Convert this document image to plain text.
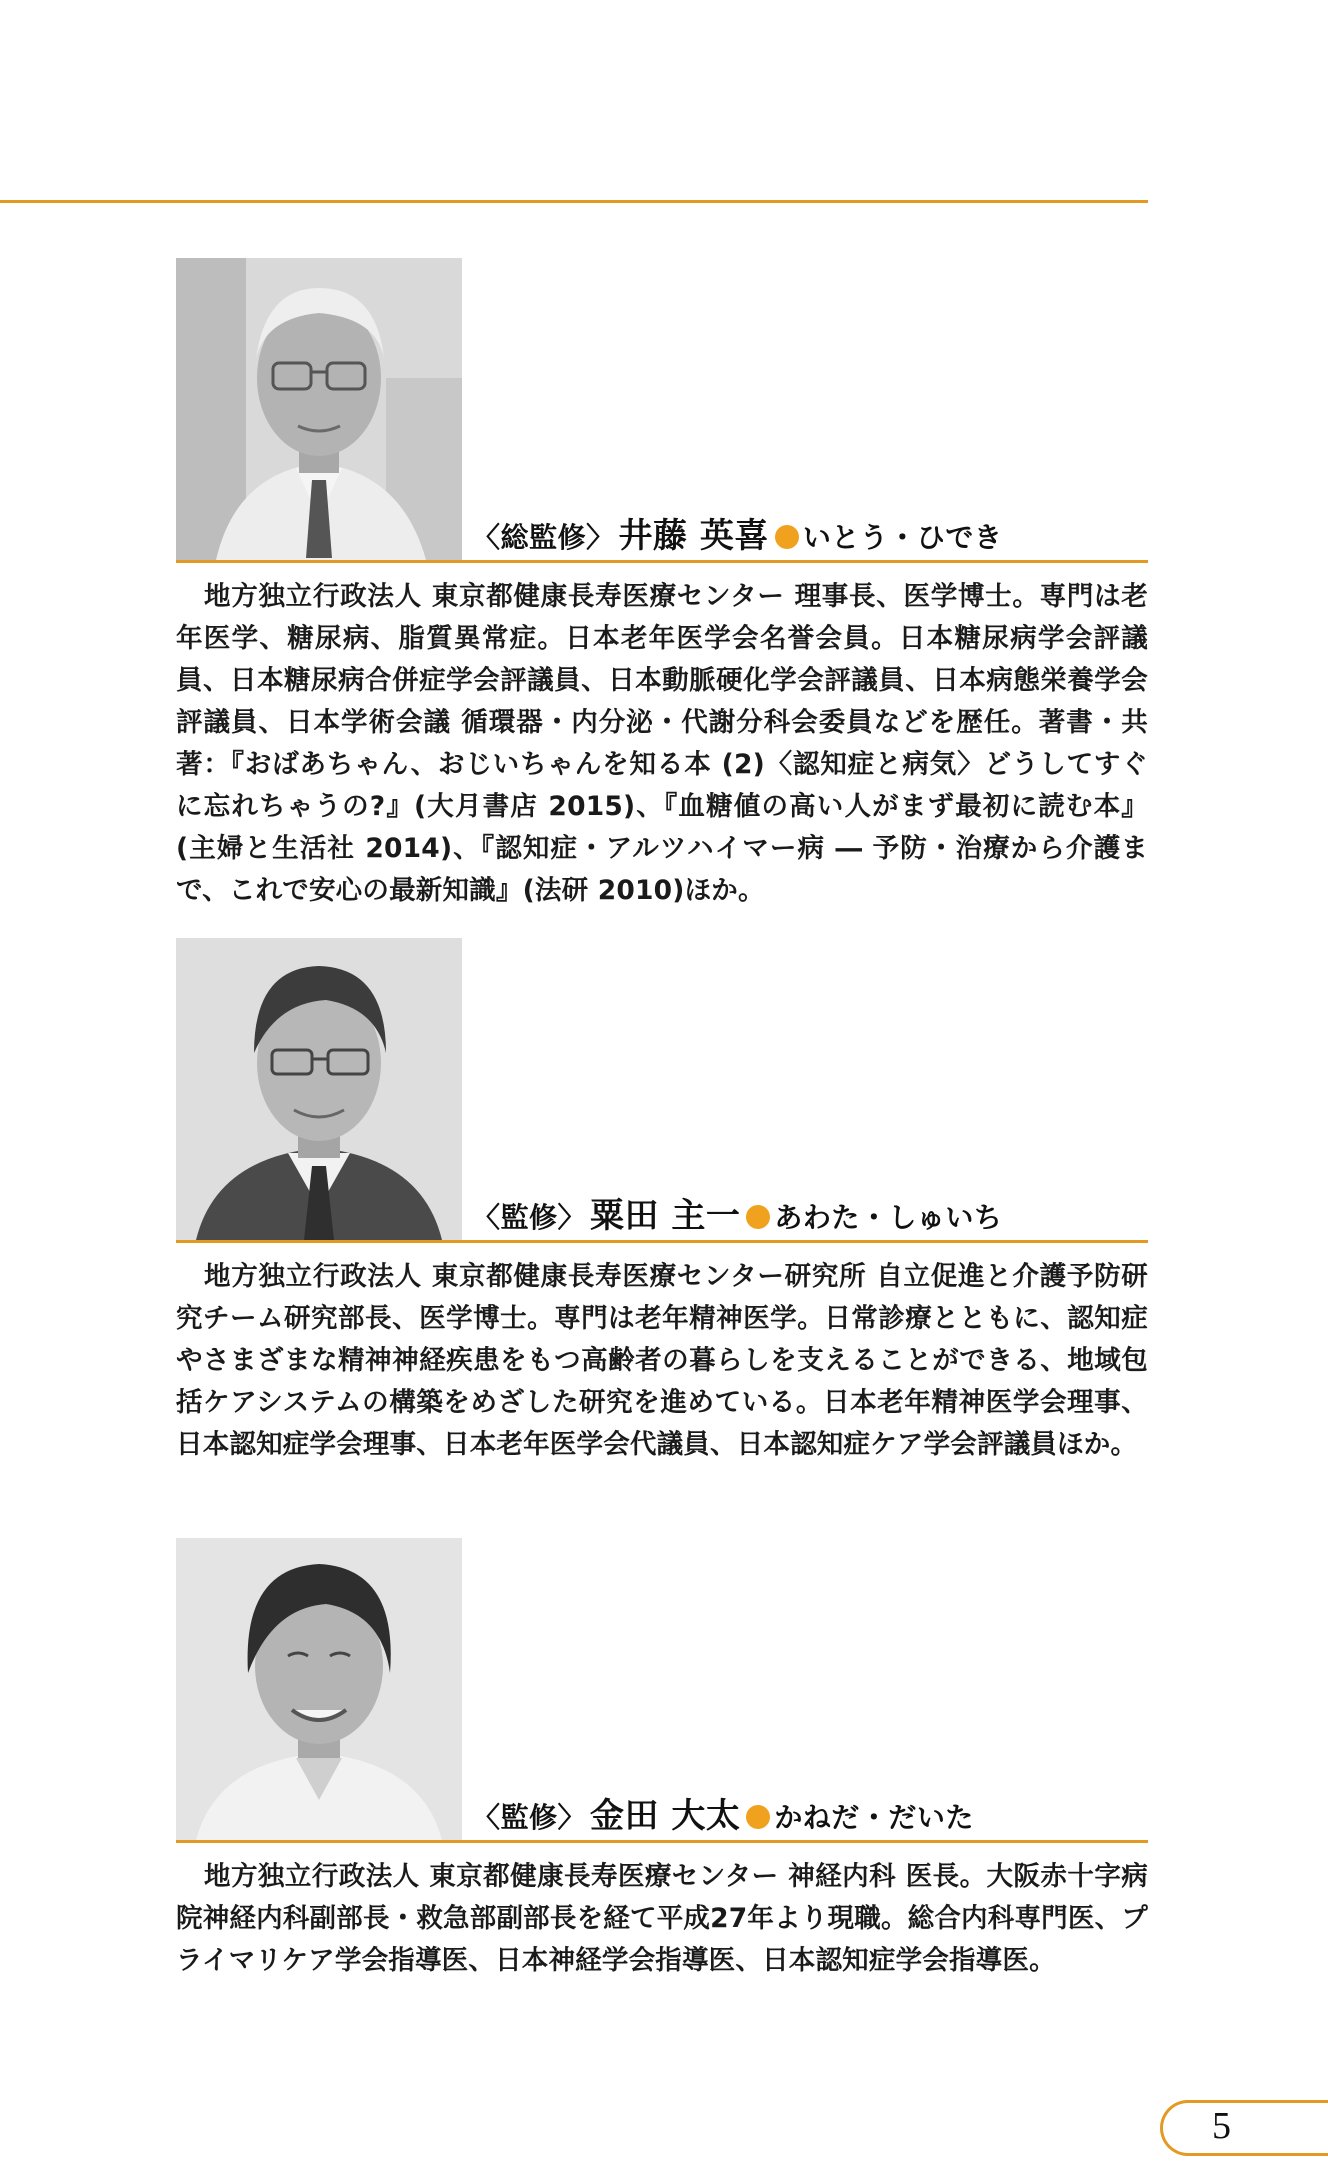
〈総監修〉 井藤 英喜 いとう・ひでき

地方独立行政法人 東京都健康長寿医療センター 理事長、医学博士。専門は老年医学、糖尿病、脂質異常症。日本老年医学会名誉会員。日本糖尿病学会評議員、日本糖尿病合併症学会評議員、日本動脈硬化学会評議員、日本病態栄養学会評議員、日本学術会議 循環器・内分泌・代謝分科会委員などを歴任。著書・共著：『おばあちゃん、おじいちゃんを知る本 (2)〈認知症と病気〉どうしてすぐに忘れちゃうの?』(大月書店 2015)、『血糖値の高い人がまず最初に読む本』(主婦と生活社 2014)、『認知症・アルツハイマー病 ― 予防・治療から介護まで、これで安心の最新知識』(法研 2010)ほか。

〈監修〉 粟田 主一 あわた・しゅいち

地方独立行政法人 東京都健康長寿医療センター研究所 自立促進と介護予防研究チーム研究部長、医学博士。専門は老年精神医学。日常診療とともに、認知症やさまざまな精神神経疾患をもつ高齢者の暮らしを支えることができる、地域包括ケアシステムの構築をめざした研究を進めている。日本老年精神医学会理事、日本認知症学会理事、日本老年医学会代議員、日本認知症ケア学会評議員ほか。

〈監修〉 金田 大太 かねだ・だいた

地方独立行政法人 東京都健康長寿医療センター 神経内科 医長。大阪赤十字病院神経内科副部長・救急部副部長を経て平成27年より現職。総合内科専門医、プライマリケア学会指導医、日本神経学会指導医、日本認知症学会指導医。

5
